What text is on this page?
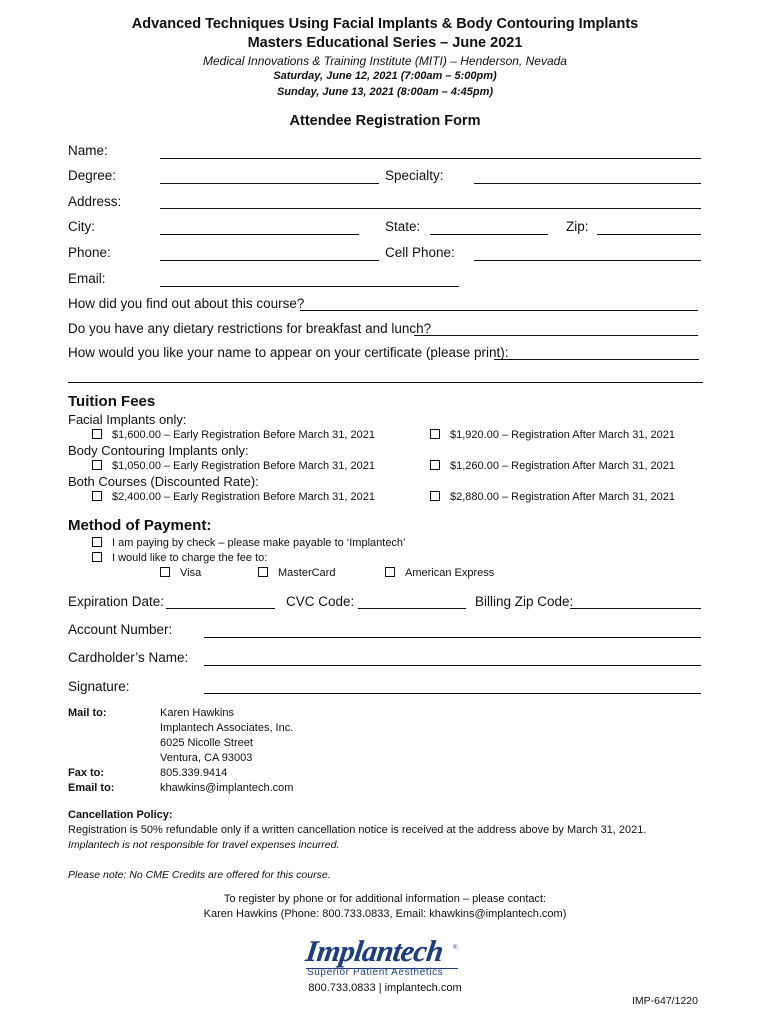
Advanced Techniques Using Facial Implants & Body Contouring Implants
Masters Educational Series – June 2021
Medical Innovations & Training Institute (MITI) – Henderson, Nevada
Saturday, June 12, 2021 (7:00am – 5:00pm)
Sunday, June 13, 2021 (8:00am – 4:45pm)
Attendee Registration Form
Name:
Degree:	Specialty:
Address:
City:	State:	Zip:
Phone:	Cell Phone:
Email:
How did you find out about this course?
Do you have any dietary restrictions for breakfast and lunch?
How would you like your name to appear on your certificate (please print):
Tuition Fees
Facial Implants only:
$1,600.00 – Early Registration Before March 31, 2021	$1,920.00 – Registration After March 31, 2021
Body Contouring Implants only:
$1,050.00 – Early Registration Before March 31, 2021	$1,260.00 – Registration After March 31, 2021
Both Courses (Discounted Rate):
$2,400.00 – Early Registration Before March 31, 2021	$2,880.00 – Registration After March 31, 2021
Method of Payment:
I am paying by check – please make payable to ‘Implantech’
I would like to charge the fee to:
Visa	MasterCard	American Express
Expiration Date:	CVC Code:	Billing Zip Code:
Account Number:
Cardholder’s Name:
Signature:
Mail to:	Karen Hawkins
Implantech Associates, Inc.
6025 Nicolle Street
Ventura, CA 93003
Fax to:	805.339.9414
Email to:	khawkins@implantech.com
Cancellation Policy:
Registration is 50% refundable only if a written cancellation notice is received at the address above by March 31, 2021.
Implantech is not responsible for travel expenses incurred.
Please note: No CME Credits are offered for this course.
To register by phone or for additional information – please contact:
Karen Hawkins (Phone: 800.733.0833, Email: khawkins@implantech.com)
Implantech ®
Superior Patient Aesthetics
800.733.0833 | implantech.com
IMP-647/1220
